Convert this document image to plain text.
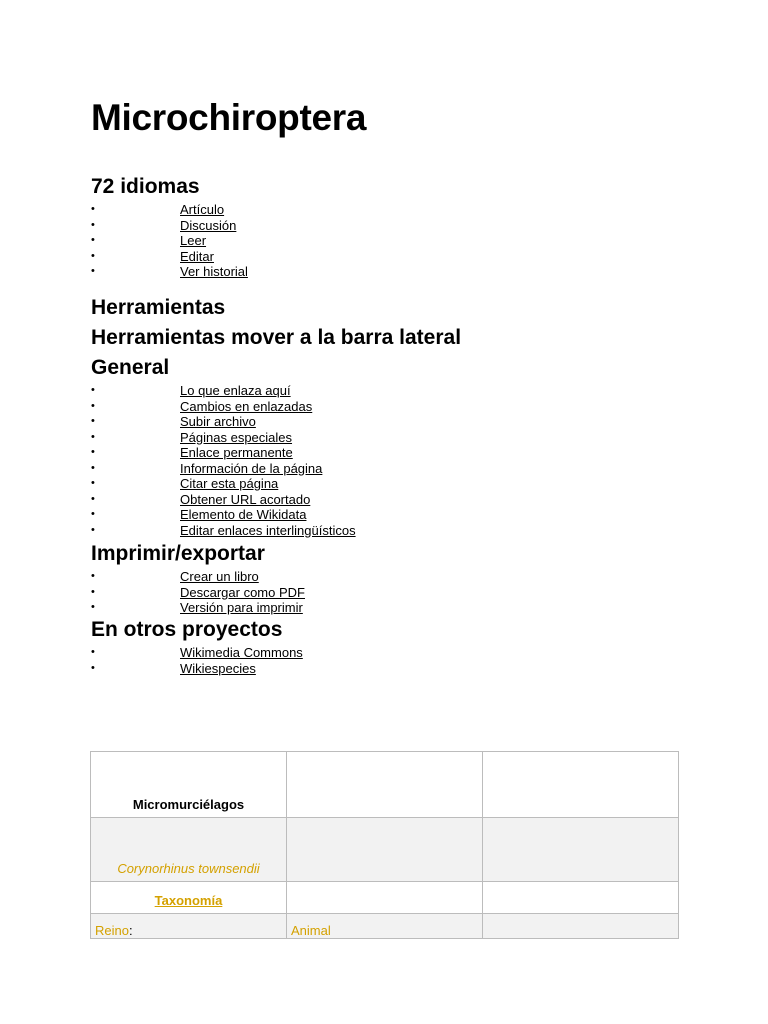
Microchiroptera
72 idiomas
•	Artículo
•	Discusión
•	Leer
•	Editar
•	Ver historial
Herramientas
Herramientas mover a la barra lateral
General
•	Lo que enlaza aquí
•	Cambios en enlazadas
•	Subir archivo
•	Páginas especiales
•	Enlace permanente
•	Información de la página
•	Citar esta página
•	Obtener URL acortado
•	Elemento de Wikidata
•	Editar enlaces interlingüísticos
Imprimir/exportar
•	Crear un libro
•	Descargar como PDF
•	Versión para imprimir
En otros proyectos
•	Wikimedia Commons
•	Wikiespecies
Micromurciélagos		
Corynorhinus townsendii		
Taxonomía		
Reino:	Animal	
